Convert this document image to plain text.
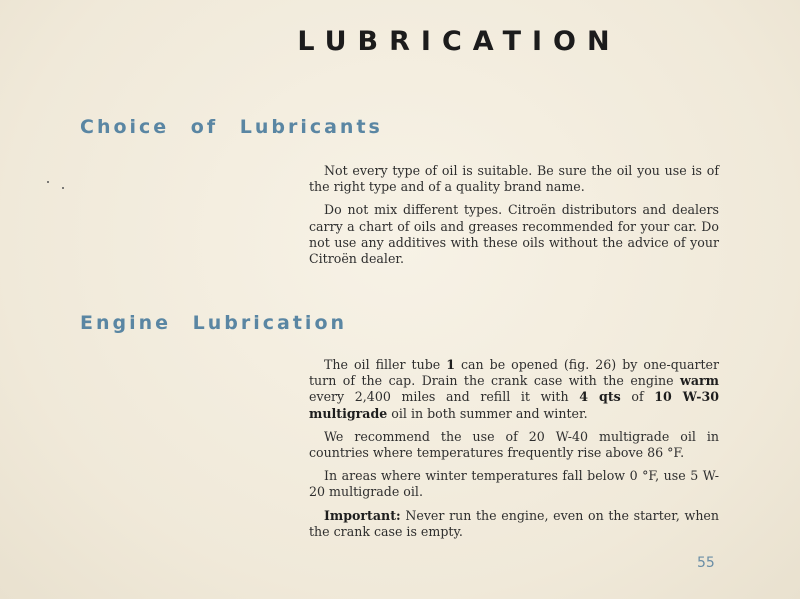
LUBRICATION
Choice of Lubricants

Not every type of oil is suitable. Be sure the oil you use is of the right type and of a quality brand name.

Do not mix different types. Citroën distributors and dealers carry a chart of oils and greases recommended for your car. Do not use any additives with these oils without the advice of your Citroën dealer.

Engine Lubrication

The oil filler tube 1 can be opened (fig. 26) by one-quarter turn of the cap. Drain the crank case with the engine warm every 2,400 miles and refill it with 4 qts of 10 W-30 multigrade oil in both summer and winter.

We recommend the use of 20 W-40 multigrade oil in countries where temperatures frequently rise above 86 °F.

In areas where winter temperatures fall below 0 °F, use 5 W-20 multigrade oil.

Important: Never run the engine, even on the starter, when the crank case is empty.

55
